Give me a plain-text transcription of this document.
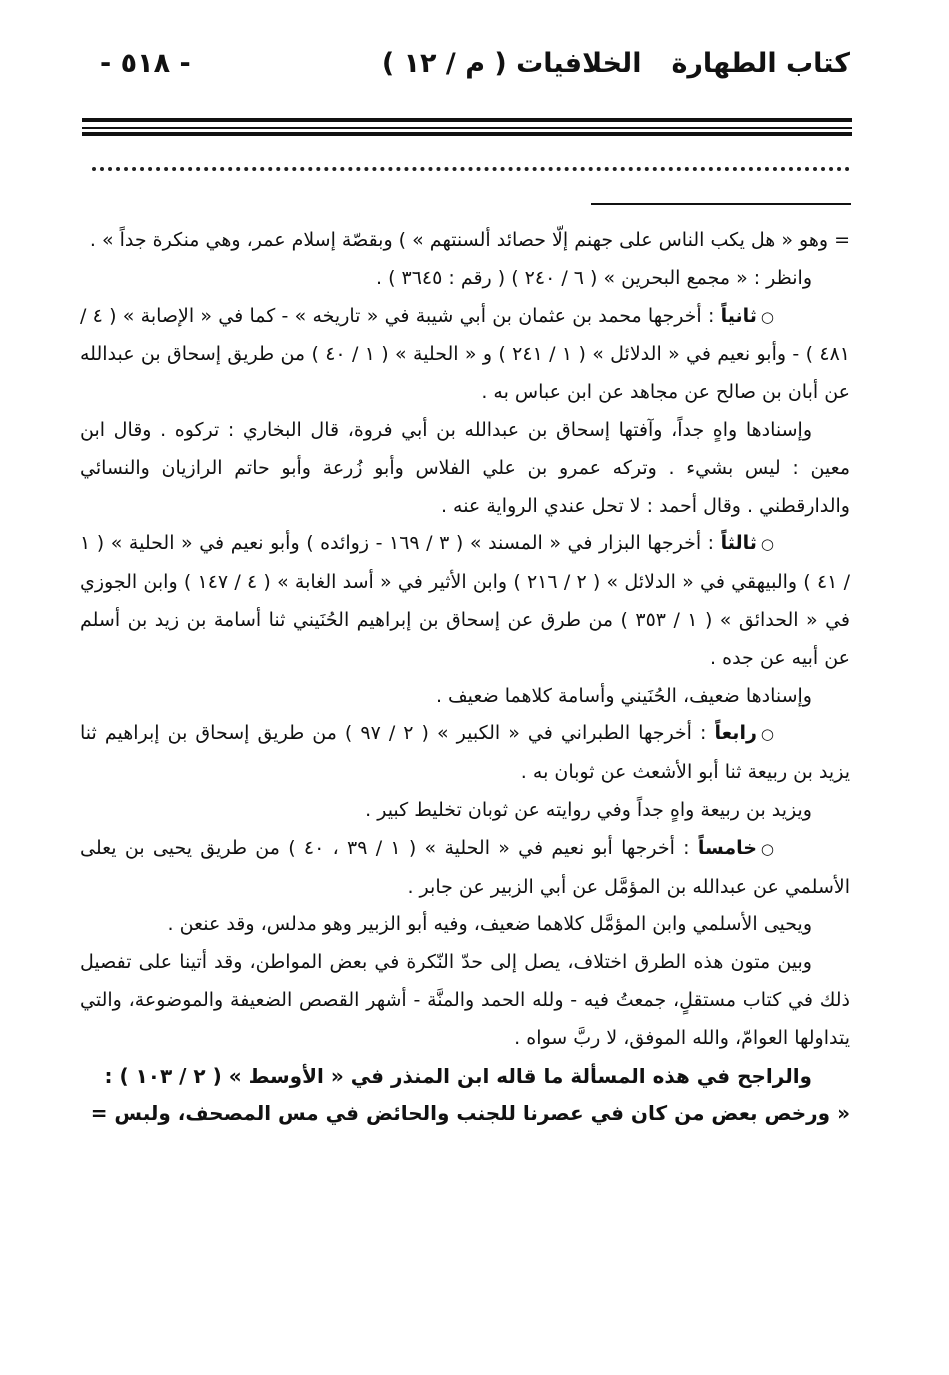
- ٥١٨ -	كتاب الطهارةالخلافيات ( م / ١٢ )

= وهو « هل يكب الناس على جهنم إلّا حصائد ألسنتهم » ) وبقصّة إسلام عمر، وهي منكرة جداً » .

وانظر : « مجمع البحرين » ( ٦ / ٢٤٠ ) ( رقم : ٣٦٤٥ ) .

○ثانياً : أخرجها محمد بن عثمان بن أبي شيبة في « تاريخه » - كما في « الإصابة » ( ٤ / ٤٨١ ) - وأبو نعيم في « الدلائل » ( ١ / ٢٤١ ) و « الحلية » ( ١ / ٤٠ ) من طريق إسحاق بن عبدالله عن أبان بن صالح عن مجاهد عن ابن عباس به .

وإسنادها واهٍ جداً، وآفتها إسحاق بن عبدالله بن أبي فروة، قال البخاري : تركوه . وقال ابن معين : ليس بشيء . وتركه عمرو بن علي الفلاس وأبو زُرعة وأبو حاتم الرازيان والنسائي والدارقطني . وقال أحمد : لا تحل عندي الرواية عنه .

○ثالثاً : أخرجها البزار في « المسند » ( ٣ / ١٦٩ - زوائده ) وأبو نعيم في « الحلية » ( ١ / ٤١ ) والبيهقي في « الدلائل » ( ٢ / ٢١٦ ) وابن الأثير في « أسد الغابة » ( ٤ / ١٤٧ ) وابن الجوزي في « الحدائق » ( ١ / ٣٥٣ ) من طرق عن إسحاق بن إبراهيم الحُنَيني ثنا أسامة بن زيد بن أسلم عن أبيه عن جده .

وإسنادها ضعيف، الحُنَيني وأسامة كلاهما ضعيف .

○رابعاً : أخرجها الطبراني في « الكبير » ( ٢ / ٩٧ ) من طريق إسحاق بن إبراهيم ثنا يزيد بن ربيعة ثنا أبو الأشعث عن ثوبان به .

ويزيد بن ربيعة واهٍ جداً وفي روايته عن ثوبان تخليط كبير .

○خامساً : أخرجها أبو نعيم في « الحلية » ( ١ / ٣٩ ، ٤٠ ) من طريق يحيى بن يعلى الأسلمي عن عبدالله بن المؤمَّل عن أبي الزبير عن جابر .

ويحيى الأسلمي وابن المؤمَّل كلاهما ضعيف، وفيه أبو الزبير وهو مدلس، وقد عنعن .

وبين متون هذه الطرق اختلاف، يصل إلى حدّ النّكرة في بعض المواطن، وقد أتينا على تفصيل ذلك في كتاب مستقلٍ، جمعتُ فيه - ولله الحمد والمنَّة - أشهر القصص الضعيفة والموضوعة، والتي يتداولها العوامّ، والله الموفق، لا ربَّ سواه .

والراجح في هذه المسألة ما قاله ابن المنذر في « الأوسط » ( ٢ / ١٠٣ ) :

« ورخص بعض من كان في عصرنا للجنب والحائض في مس المصحف، ولبس =
